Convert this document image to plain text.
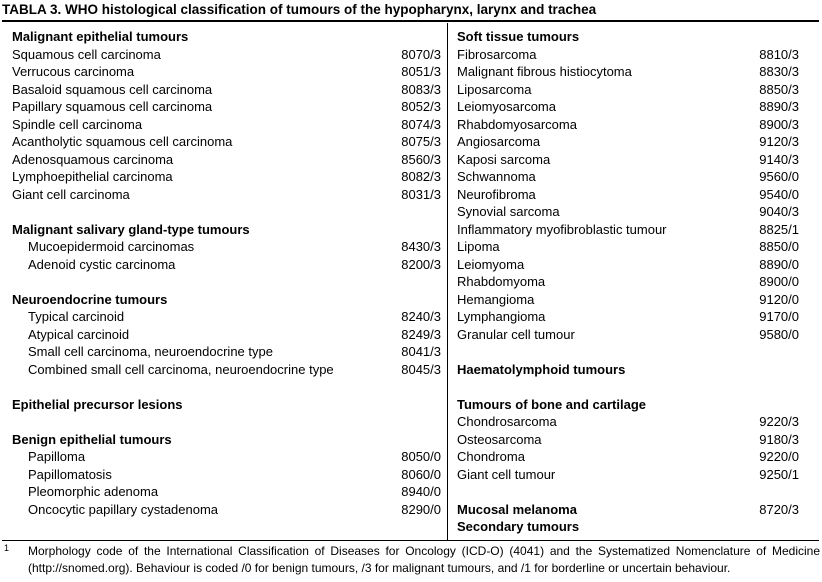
TABLA 3. WHO histological classification of tumours of the hypopharynx, larynx and trachea
Malignant epithelial tumours
Squamous cell carcinoma	8070/3
Verrucous carcinoma	8051/3
Basaloid squamous cell carcinoma	8083/3
Papillary squamous cell carcinoma	8052/3
Spindle cell carcinoma	8074/3
Acantholytic squamous cell carcinoma	8075/3
Adenosquamous carcinoma	8560/3
Lymphoepithelial carcinoma	8082/3
Giant cell carcinoma	8031/3
Malignant salivary gland-type tumours
Mucoepidermoid carcinomas	8430/3
Adenoid cystic carcinoma	8200/3
Neuroendocrine tumours
Typical carcinoid	8240/3
Atypical carcinoid	8249/3
Small cell carcinoma, neuroendocrine type	8041/3
Combined small cell carcinoma, neuroendocrine type	8045/3
Epithelial precursor lesions
Benign epithelial tumours
Papilloma	8050/0
Papillomatosis	8060/0
Pleomorphic adenoma	8940/0
Oncocytic papillary cystadenoma	8290/0
Soft tissue tumours
Fibrosarcoma	8810/3
Malignant fibrous histiocytoma	8830/3
Liposarcoma	8850/3
Leiomyosarcoma	8890/3
Rhabdomyosarcoma	8900/3
Angiosarcoma	9120/3
Kaposi sarcoma	9140/3
Schwannoma	9560/0
Neurofibroma	9540/0
Synovial sarcoma	9040/3
Inflammatory myofibroblastic tumour	8825/1
Lipoma	8850/0
Leiomyoma	8890/0
Rhabdomyoma	8900/0
Hemangioma	9120/0
Lymphangioma	9170/0
Granular cell tumour	9580/0
Haematolymphoid tumours
Tumours of bone and cartilage
Chondrosarcoma	9220/3
Osteosarcoma	9180/3
Chondroma	9220/0
Giant cell tumour	9250/1
Mucosal melanoma	8720/3
Secondary tumours
1 Morphology code of the International Classification of Diseases for Oncology (ICD-O) (4041) and the Systematized Nomenclature of Medicine (http://snomed.org). Behaviour is coded /0 for benign tumours, /3 for malignant tumours, and /1 for borderline or uncertain behaviour.
